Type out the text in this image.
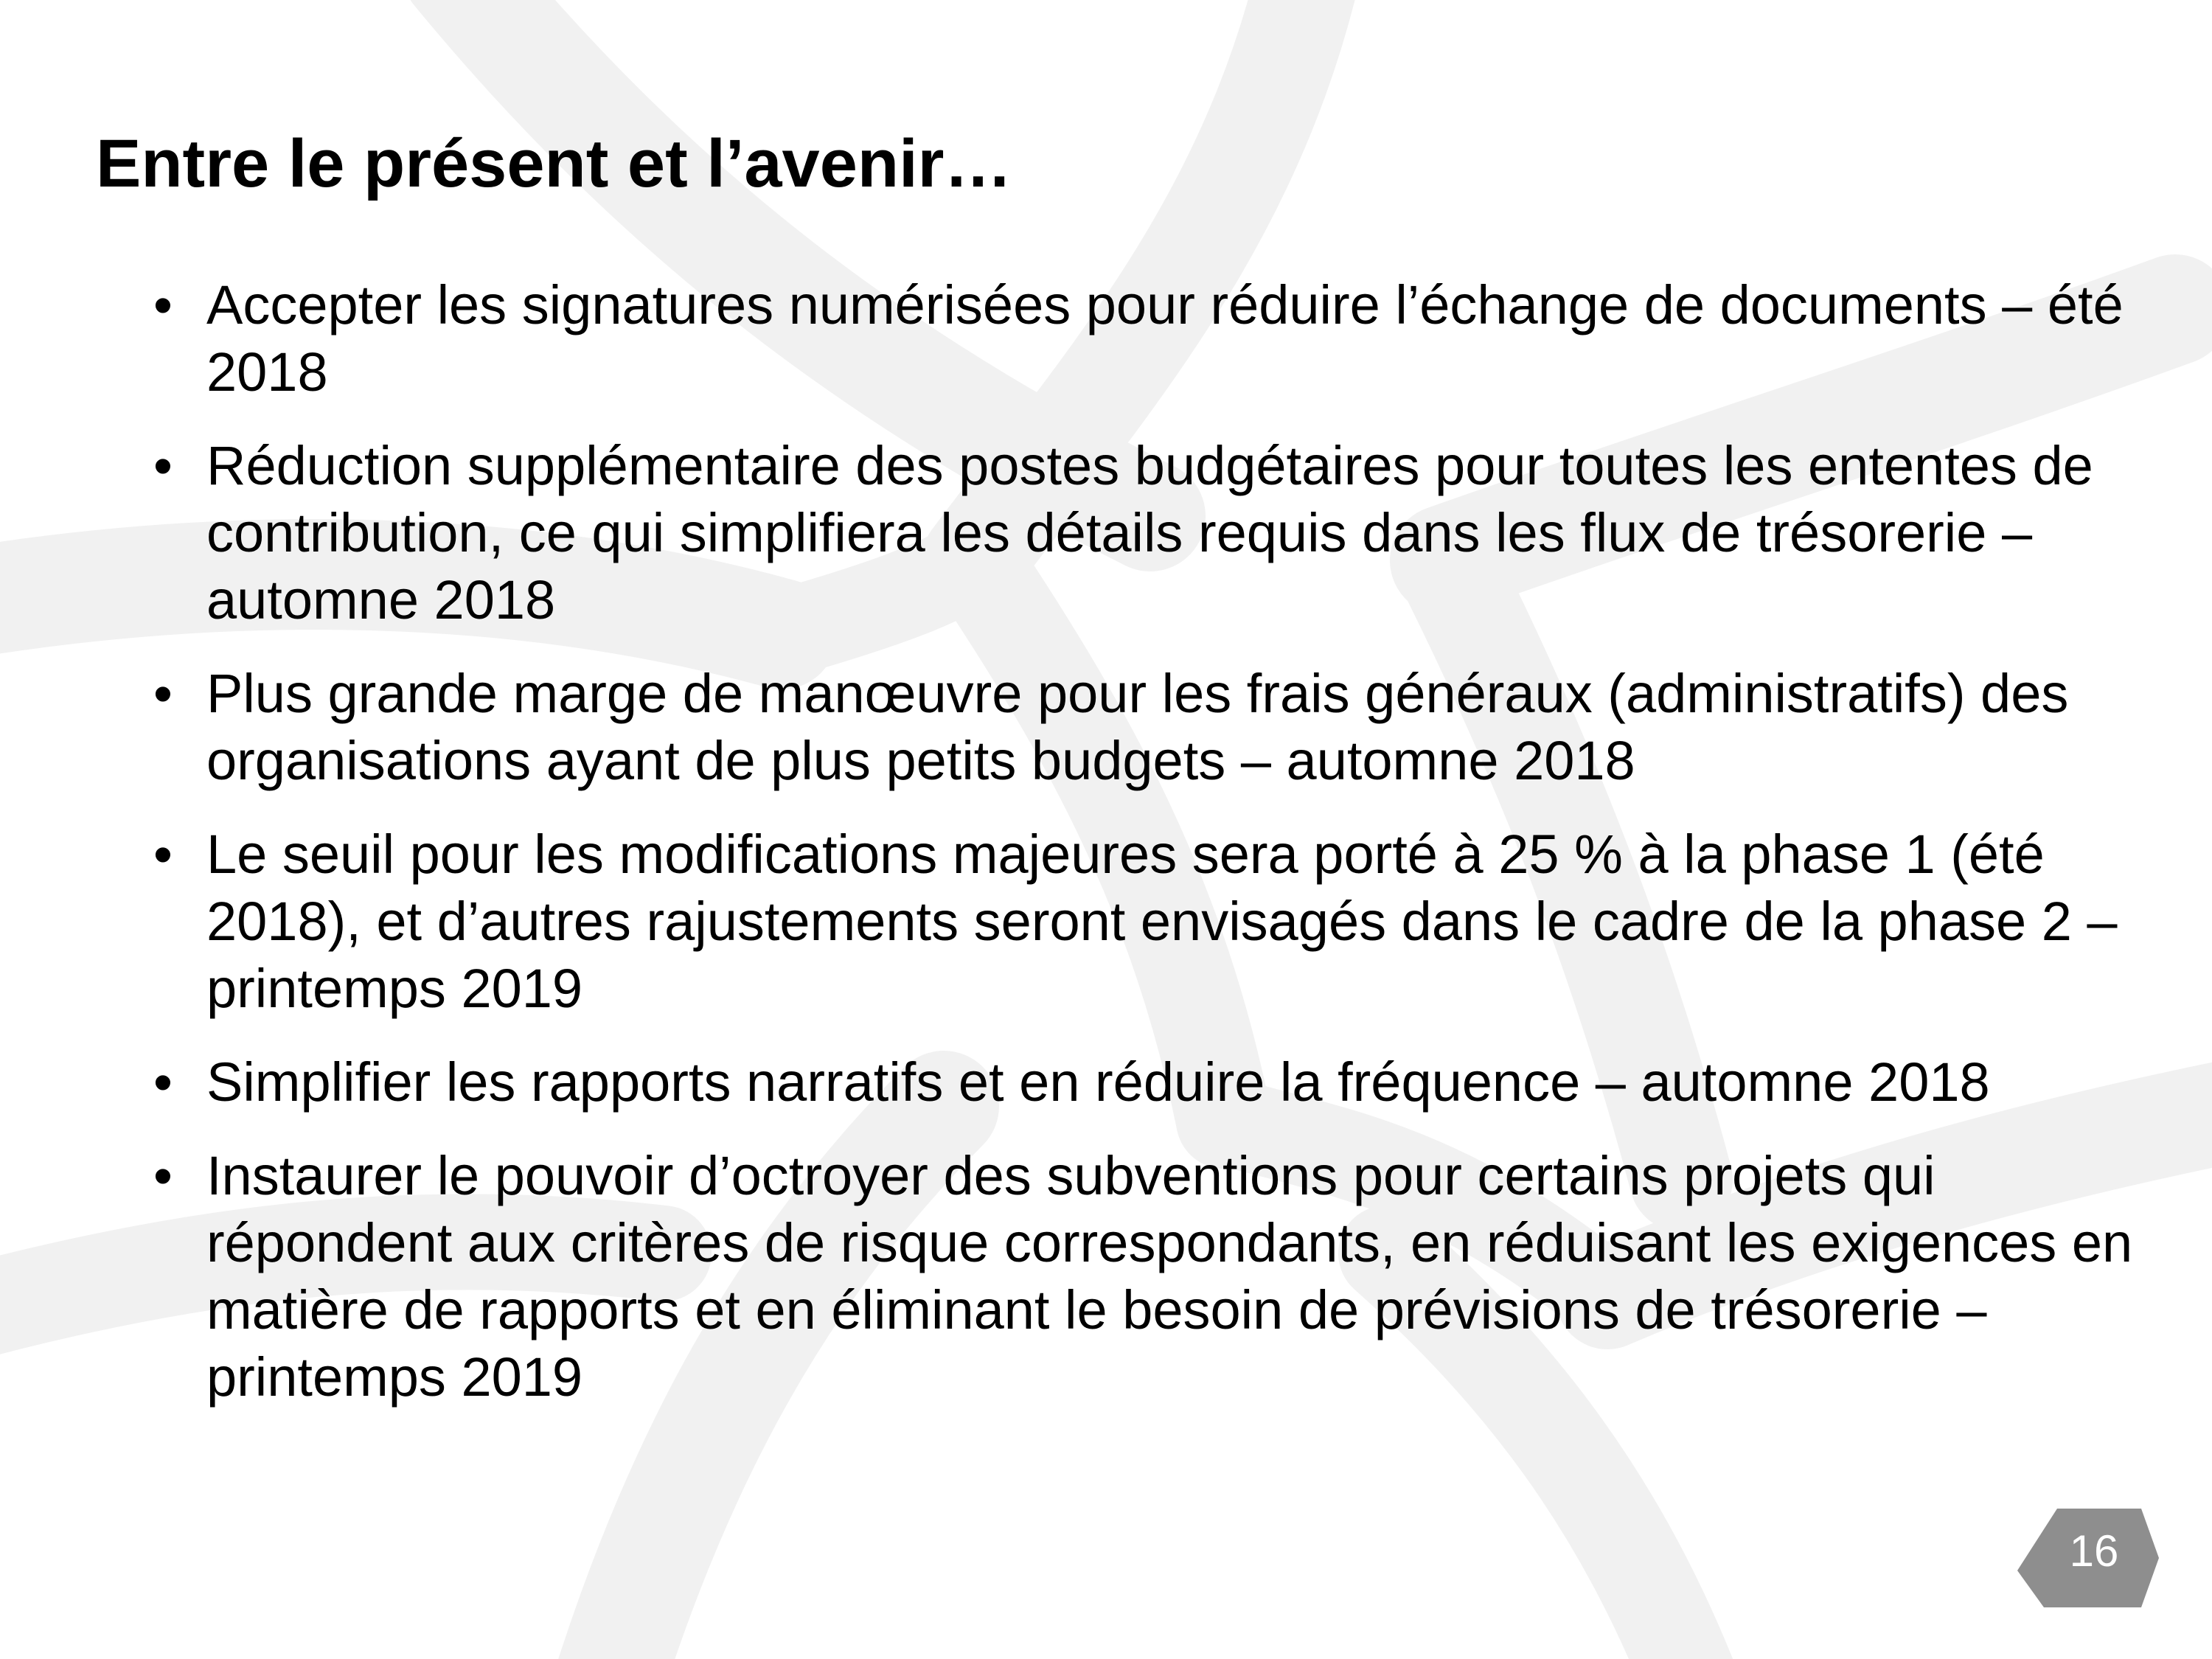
Entre le présent et l’avenir…
• Accepter les signatures numérisées pour réduire l’échange de documents – été 2018
• Réduction supplémentaire des postes budgétaires pour toutes les ententes de contribution, ce qui simplifiera les détails requis dans les flux de trésorerie – automne 2018
• Plus grande marge de manœuvre pour les frais généraux (administratifs) des organisations ayant de plus petits budgets – automne 2018
• Le seuil pour les modifications majeures sera porté à 25 % à la phase 1 (été 2018), et d’autres rajustements seront envisagés dans le cadre de la phase 2 – printemps 2019
• Simplifier les rapports narratifs et en réduire la fréquence – automne 2018
• Instaurer le pouvoir d’octroyer des subventions pour certains projets qui répondent aux critères de risque correspondants, en réduisant les exigences en matière de rapports et en éliminant le besoin de prévisions de trésorerie – printemps 2019
16
